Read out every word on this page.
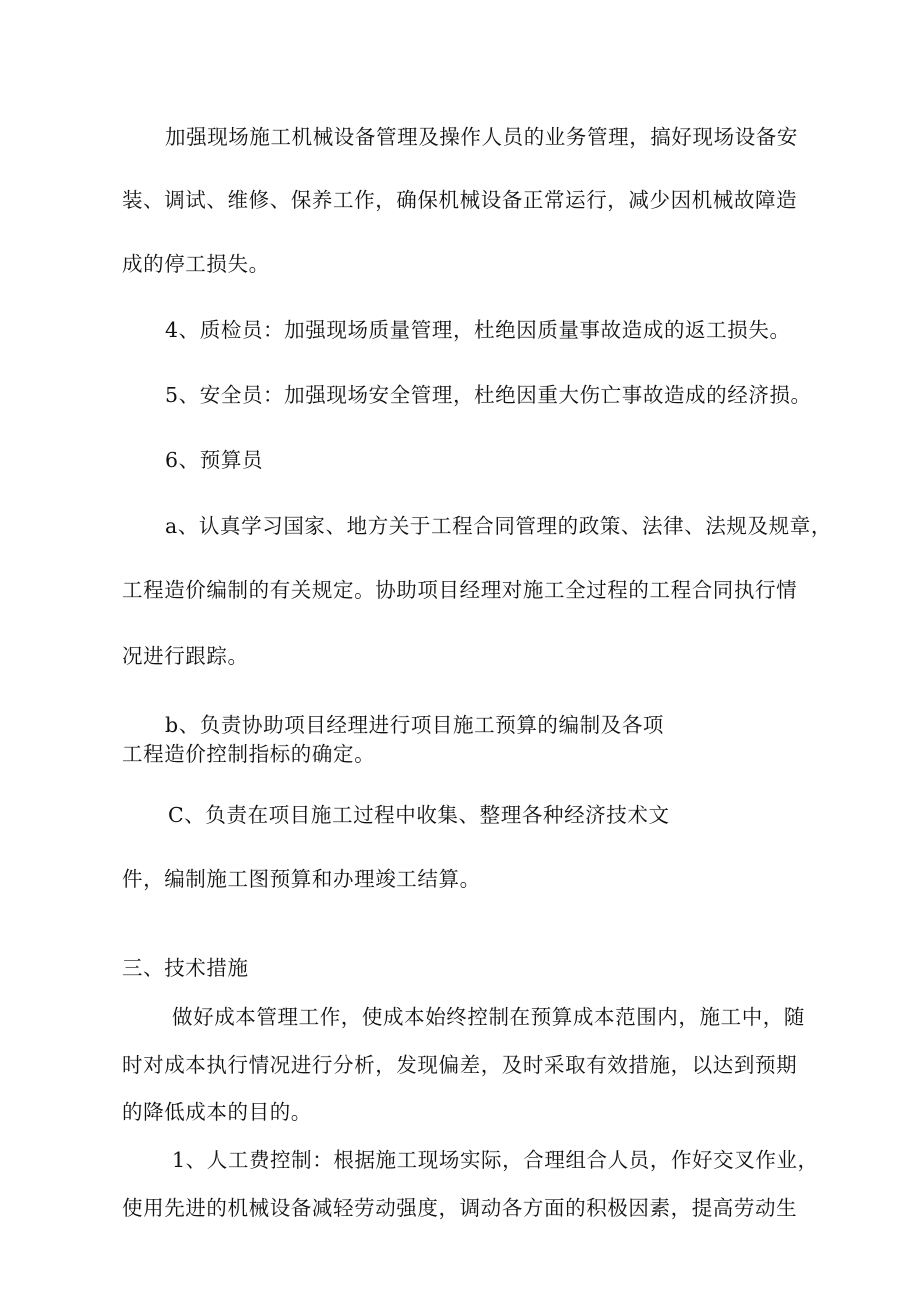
加强现场施工机械设备管理及操作人员的业务管理，搞好现场设备安
装、调试、维修、保养工作，确保机械设备正常运行，减少因机械故障造
成的停工损失。
4、质检员：加强现场质量管理，杜绝因质量事故造成的返工损失。
5、安全员：加强现场安全管理，杜绝因重大伤亡事故造成的经济损。
6、预算员
a、认真学习国家、地方关于工程合同管理的政策、法律、法规及规章，
工程造价编制的有关规定。协助项目经理对施工全过程的工程合同执行情
况进行跟踪。
b、负责协助项目经理进行项目施工预算的编制及各项
工程造价控制指标的确定。
C、负责在项目施工过程中收集、整理各种经济技术文
件，编制施工图预算和办理竣工结算。
三、技术措施
做好成本管理工作，使成本始终控制在预算成本范围内，施工中，随
时对成本执行情况进行分析，发现偏差，及时采取有效措施，以达到预期
的降低成本的目的。
1、人工费控制：根据施工现场实际，合理组合人员，作好交叉作业，
使用先进的机械设备减轻劳动强度，调动各方面的积极因素，提高劳动生
